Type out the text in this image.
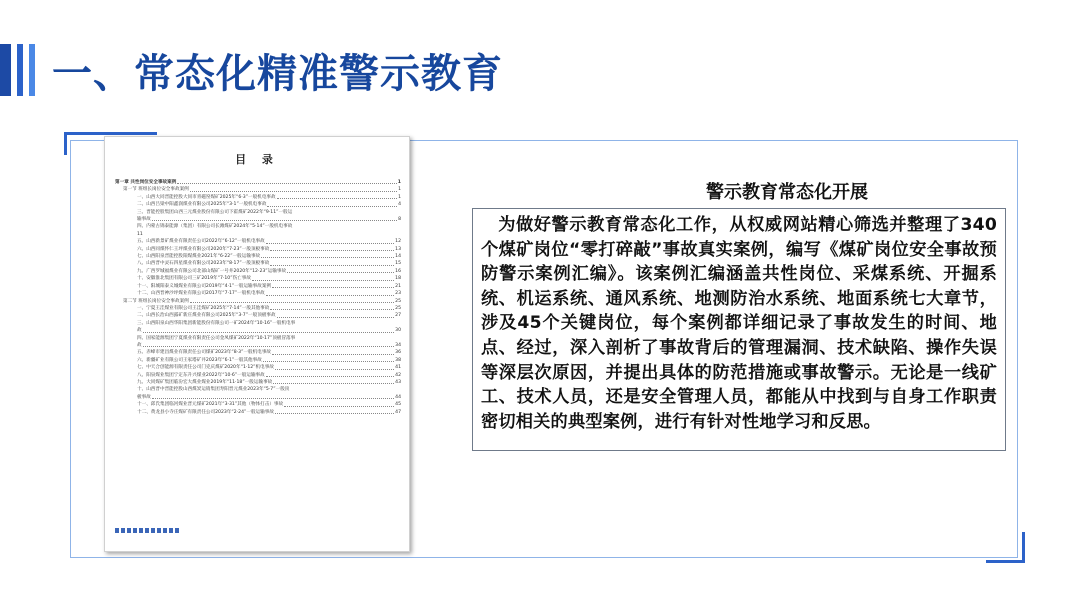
一、常态化精准警示教育
目 录
第一章 共性岗位安全事故案例	1
第一节 班组长岗位安全事故案例	1
一、山西大同晋能控股大同市青磁窑煤矿2025年“6·3”一般机电事故	1
二、山西吕梁中阳鑫润煤业有限公司2025年“3·1”一般机电事故	4
三、晋能控股集团山西三元煤业股份有限公司下霍煤矿2022年“9·11”一般运
输事故	8
四、内蒙古锦泰能源（集团）有限公司长滩煤矿2024年“5·14”一般机电事故
11
五、山西新景矿煤业有限责任公司2022年“6·12”一般机电事故	12
六、山西同煤怀仁王坪煤业有限公司2020年“7·23”一般顶板事故	13
七、山西阳泉晋能控股阳煤煤业2021年“6·22”一般运输事故	14
八、山西晋中灵石四星煤业有限公司2023年“8·17”一般顶板事故	15
九、广西罗城福煤业有限公司北部山煤矿一号井2020年“12·23”运输事故	16
十、安徽淮北集团有限公司三矿2019年“7·10”伤亡事故	18
十一、阳城阳泰义城煤业有限公司2019年“4·1”一般运输事故案例	21
十二、山西晋神沙坪煤业有限公司2017年“7·17”一般机电事故	23
第二节 班组长岗位安全事故案例	25
一、宁夏王洼煤业有限公司王洼煤矿2025年“7·14”一般其他事故	25
二、山西长治山西露矿新庄煤业有限公司2025年“3·7”一般顶板事故	27
三、山西阳泉山西华阳集团新能股份有限公司一矿2024年“10·16”一般机电事
故	30
四、国家能源集团宁夏煤业有限责任公司金凤煤矿2022年“10·17”顶板冒落事
故	34
五、赤峰市建昌煤业有限责任公司煤矿2023年“8·3”一般机电事故	36
六、新疆矿业有限公司王家塔矿井2023年“6·1”一般其他事故	38
七、中天合创能源有限责任公司门克庆煤矿2020年“1·12”机电事故	41
八、阳泉煤业集团宁定东升兴煤业2022年“10·6”一般运输事故	42
九、大同煤矿集团临汾宏大煤业煤业2019年“11·18”一般运输事故	43
十、山西晋中晋能控股山西煤炭运销集团寿阳晋元煤业2023年“5·7”一般顶
板事故	44
十一、邱氏集团临河煤业晋元煤矿2021年“3·31”其他（物体打击）事故	45
十二、黄龙县小寺庄煤矿有限责任公司2023年“2·24”一般运输事故	47
警示教育常态化开展

为做好警示教育常态化工作，从权威网站精心筛选并整理了340个煤矿岗位“零打碎敲”事故真实案例，编写《煤矿岗位安全事故预防警示案例汇编》。该案例汇编涵盖共性岗位、采煤系统、开掘系统、机运系统、通风系统、地测防治水系统、地面系统七大章节，涉及45个关键岗位，每个案例都详细记录了事故发生的时间、地点、经过，深入剖析了事故背后的管理漏洞、技术缺陷、操作失误等深层次原因，并提出具体的防范措施或事故警示。无论是一线矿工、技术人员，还是安全管理人员，都能从中找到与自身工作职责密切相关的典型案例，进行有针对性地学习和反思。
